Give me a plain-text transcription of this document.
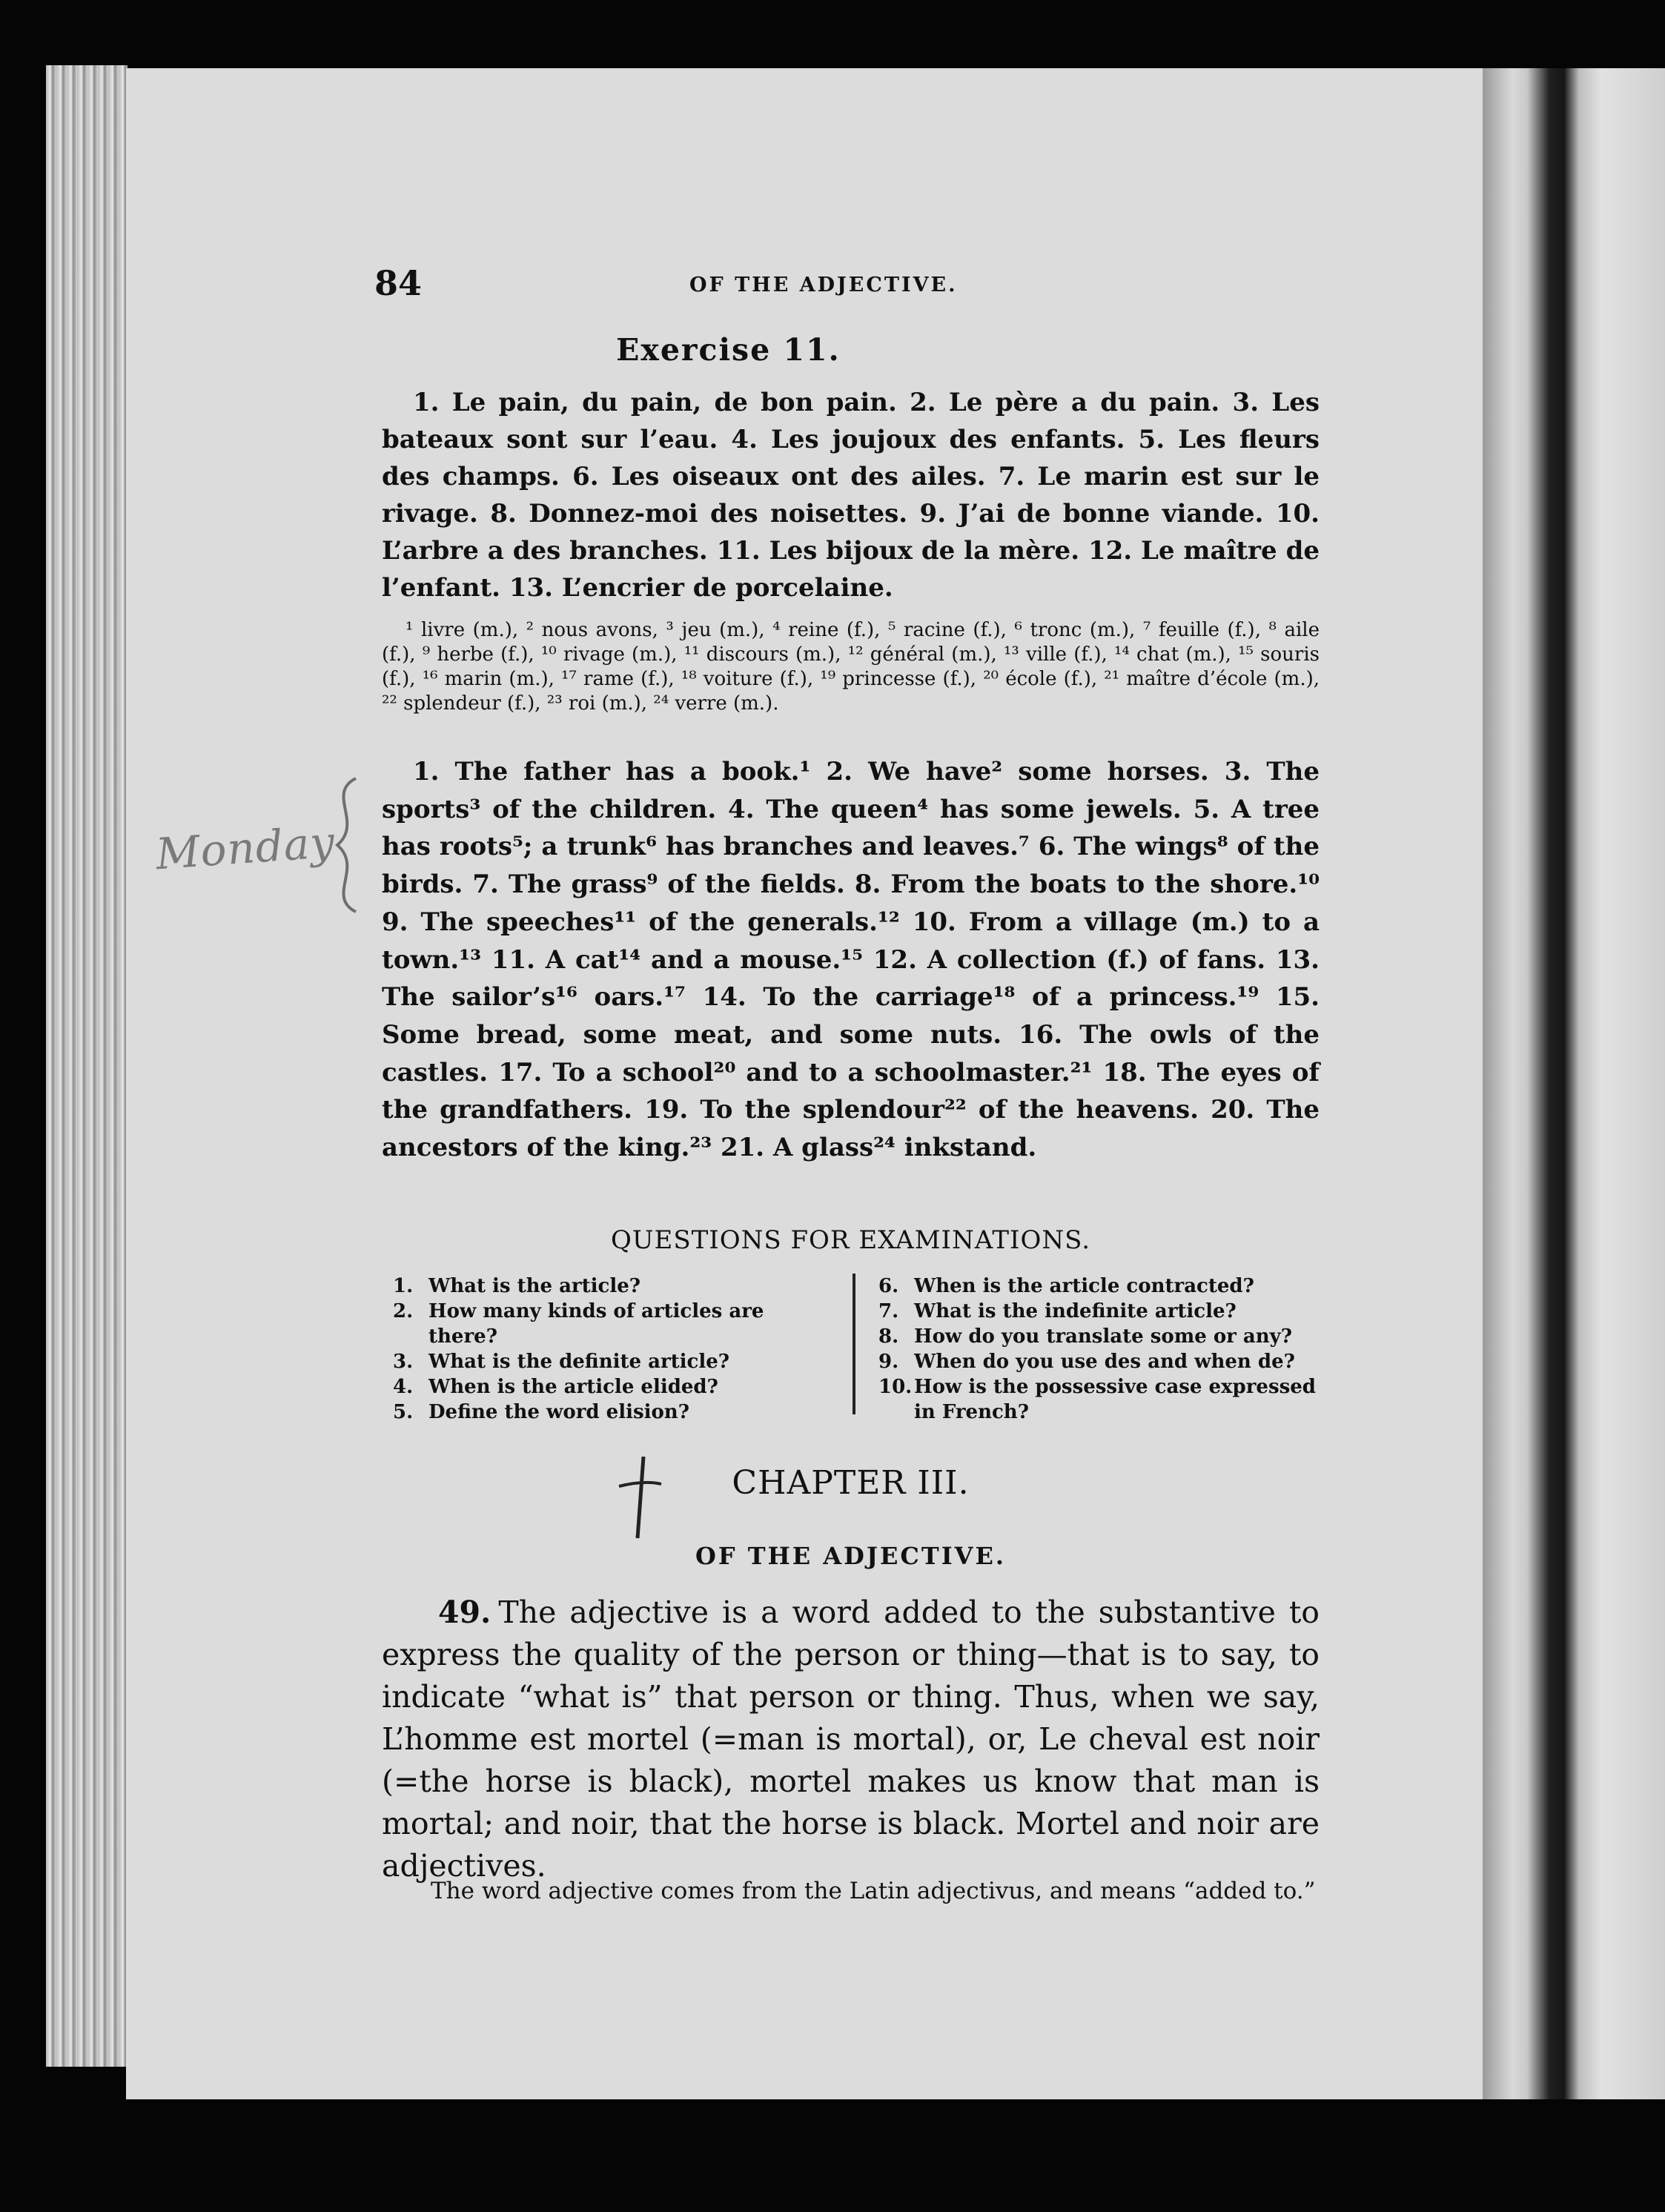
84	OF THE ADJECTIVE.
Exercise 11.
1. Le pain, du pain, de bon pain. 2. Le père a du pain. 3. Les bateaux sont sur l’eau. 4. Les joujoux des enfants. 5. Les fleurs des champs. 6. Les oiseaux ont des ailes. 7. Le marin est sur le rivage. 8. Donnez-moi des noisettes. 9. J’ai de bonne viande. 10. L’arbre a des branches. 11. Les bijoux de la mère. 12. Le maître de l’enfant. 13. L’encrier de porcelaine.
¹ livre (m.), ² nous avons, ³ jeu (m.), ⁴ reine (f.), ⁵ racine (f.), ⁶ tronc (m.), ⁷ feuille (f.), ⁸ aile (f.), ⁹ herbe (f.), ¹⁰ rivage (m.), ¹¹ discours (m.), ¹² général (m.), ¹³ ville (f.), ¹⁴ chat (m.), ¹⁵ souris (f.), ¹⁶ marin (m.), ¹⁷ rame (f.), ¹⁸ voiture (f.), ¹⁹ princesse (f.), ²⁰ école (f.), ²¹ maître d’école (m.), ²² splendeur (f.), ²³ roi (m.), ²⁴ verre (m.).
1. The father has a book.¹ 2. We have² some horses. 3. The sports³ of the children. 4. The queen⁴ has some jewels. 5. A tree has roots⁵; a trunk⁶ has branches and leaves.⁷ 6. The wings⁸ of the birds. 7. The grass⁹ of the fields. 8. From the boats to the shore.¹⁰ 9. The speeches¹¹ of the generals.¹² 10. From a village (m.) to a town.¹³ 11. A cat¹⁴ and a mouse.¹⁵ 12. A collection (f.) of fans. 13. The sailor’s¹⁶ oars.¹⁷ 14. To the carriage¹⁸ of a princess.¹⁹ 15. Some bread, some meat, and some nuts. 16. The owls of the castles. 17. To a school²⁰ and to a schoolmaster.²¹ 18. The eyes of the grandfathers. 19. To the splendour²² of the heavens. 20. The ancestors of the king.²³ 21. A glass²⁴ inkstand.
QUESTIONS FOR EXAMINATIONS.
1. What is the article?
2. How many kinds of articles are there?
3. What is the definite article?
4. When is the article elided?
5. Define the word elision?
6. When is the article contracted?
7. What is the indefinite article?
8. How do you translate some or any?
9. When do you use des and when de?
10. How is the possessive case expressed in French?
CHAPTER III.
OF THE ADJECTIVE.
49. The adjective is a word added to the substantive to express the quality of the person or thing—that is to say, to indicate “what is” that person or thing. Thus, when we say, L’homme est mortel (=man is mortal), or, Le cheval est noir (=the horse is black), mortel makes us know that man is mortal; and noir, that the horse is black. Mortel and noir are adjectives.
The word adjective comes from the Latin adjectivus, and means “added to.”
Monday
